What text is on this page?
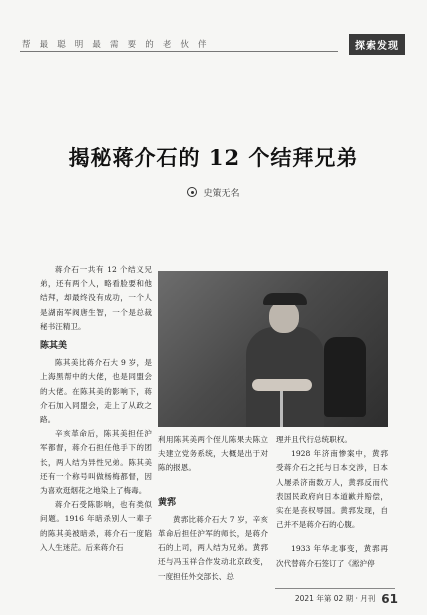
帮 最 聪 明 最 需 要 的 老 伙 伴	探索发现
揭秘蒋介石的 12 个结拜兄弟
史策无名

蒋介石一共有 12 个结义兄弟，还有两个人，略看脸要和他结拜，却最终没有成功，一个人是湖南军阀唐生智，一个是总裁秘书汪精卫。

陈其美

陈其美比蒋介石大 9 岁，是上海黑帮中的大佬，也是同盟会的大佬。在陈其美的影响下，蒋介石加入同盟会，走上了从政之路。

辛亥革命后，陈其美担任沪军都督，蒋介石担任他手下的团长，两人结为异性兄弟。陈其美还有一个称号叫做杨梅都督，因为喜欢逛烟花之地染上了梅毒。

蒋介石受陈影响，也有类似问题。1916 年暗杀别人一辈子的陈其美被暗杀，蒋介石一度陷入人生迷茫。后来蒋介石

利用陈其美两个侄儿陈果夫陈立夫建立党务系统，大概是出于对陈的报恩。

黄郛

黄郛比蒋介石大 7 岁，辛亥革命后担任沪军的师长，是蒋介石的上司，两人结为兄弟。黄郛还与冯玉祥合作发动北京政变，一度担任外交部长、总

理并且代行总统职权。

1928 年济南惨案中，黄郛受蒋介石之托与日本交涉，日本人屡杀济南数万人，黄郛反而代表国民政府向日本道歉并赔偿，实在是丧权辱国。黄郛发现，自己并不是蒋介石的心腹。

1933 年华北事变，黄郛再次代替蒋介石签订了《淞沪停

2021 年第 02 期 · 月刊 61
